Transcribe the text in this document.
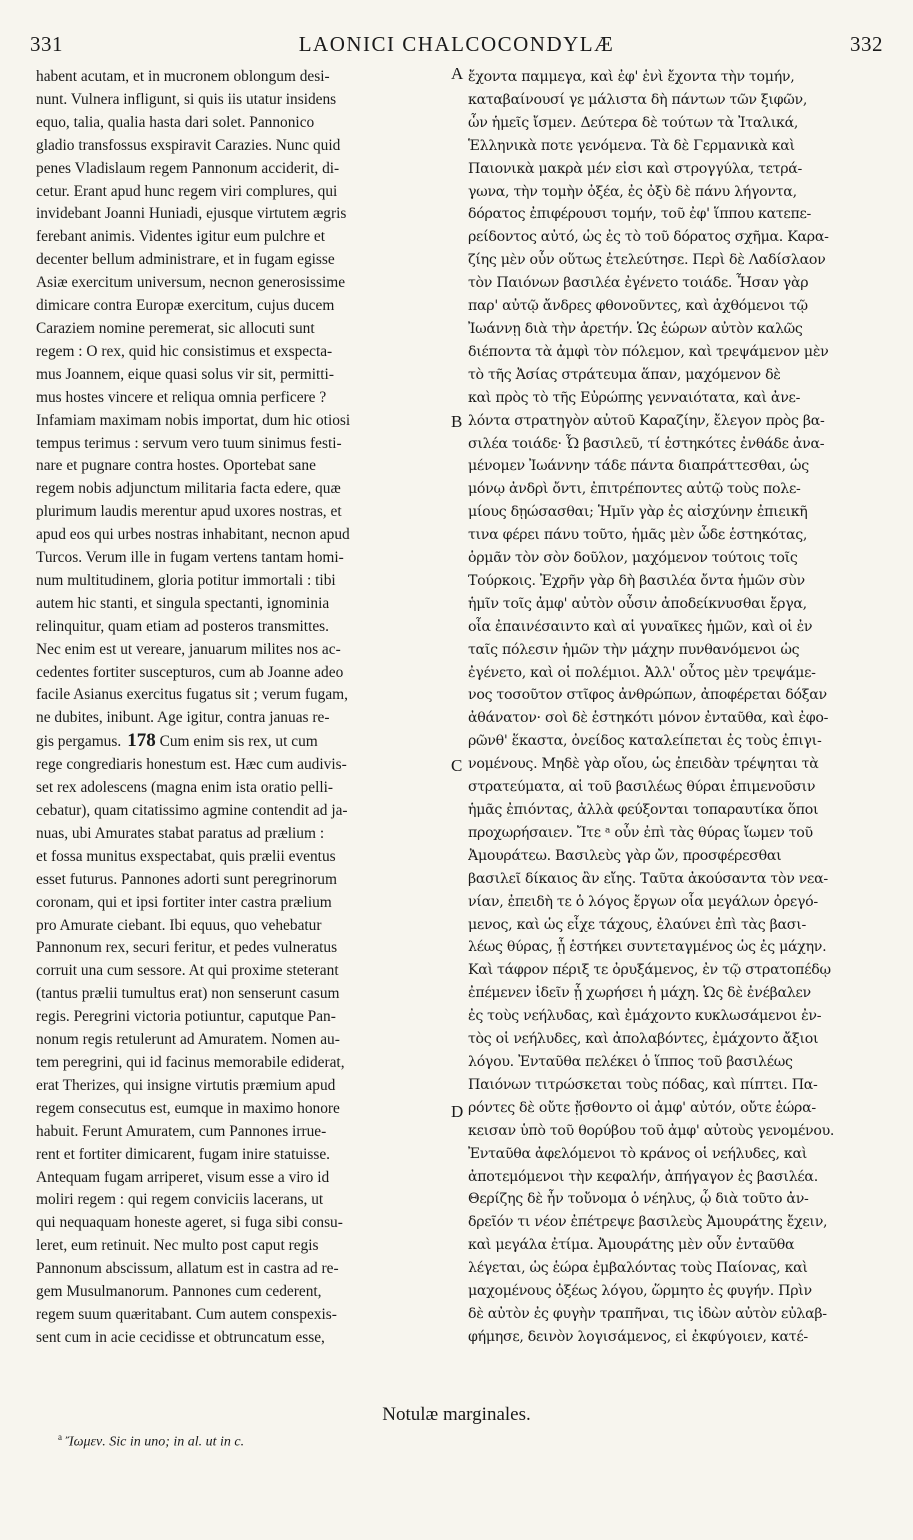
331	LAONICI CHALCOCONDYLÆ	332
habent acutam, et in mucronem oblongum desi-
nunt. Vulnera infligunt, si quis iis utatur insidens
equo, talia, qualia hasta dari solet. Pannonico
gladio transfossus exspiravit Carazies. Nunc quid
penes Vladislaum regem Pannonum acciderit, di-
cetur. Erant apud hunc regem viri complures, qui
invidebant Joanni Huniadi, ejusque virtutem ægris
ferebant animis. Videntes igitur eum pulchre et
decenter bellum administrare, et in fugam egisse
Asiæ exercitum universum, necnon generosissime
dimicare contra Europæ exercitum, cujus ducem
Caraziem nomine peremerat, sic allocuti sunt
regem : O rex, quid hic consistimus et exspecta-
mus Joannem, eique quasi solus vir sit, permitti-
mus hostes vincere et reliqua omnia perficere ?
Infamiam maximam nobis importat, dum hic otiosi
tempus terimus : servum vero tuum sinimus festi-
nare et pugnare contra hostes. Oportebat sane
regem nobis adjunctum militaria facta edere, quæ
plurimum laudis merentur apud uxores nostras, et
apud eos qui urbes nostras inhabitant, necnon apud
Turcos. Verum ille in fugam vertens tantam homi-
num multitudinem, gloria potitur immortali : tibi
autem hic stanti, et singula spectanti, ignominia
relinquitur, quam etiam ad posteros transmittes.
Nec enim est ut vereare, januarum milites nos ac-
cedentes fortiter suscepturos, cum ab Joanne adeo
facile Asianus exercitus fugatus sit ; verum fugam,
ne dubites, inibunt. Age igitur, contra januas re-
gis pergamus. 178 Cum enim sis rex, ut cum
rege congrediaris honestum est. Hæc cum audivis-
set rex adolescens (magna enim ista oratio pelli-
cebatur), quam citatissimo agmine contendit ad ja-
nuas, ubi Amurates stabat paratus ad prælium :
et fossa munitus exspectabat, quis prælii eventus
esset futurus. Pannones adorti sunt peregrinorum
coronam, qui et ipsi fortiter inter castra prælium
pro Amurate ciebant. Ibi equus, quo vehebatur
Pannonum rex, securi feritur, et pedes vulneratus
corruit una cum sessore. At qui proxime steterant
(tantus prælii tumultus erat) non senserunt casum
regis. Peregrini victoria potiuntur, caputque Pan-
nonum regis retulerunt ad Amuratem. Nomen au-
tem peregrini, qui id facinus memorabile ediderat,
erat Therizes, qui insigne virtutis præmium apud
regem consecutus est, eumque in maximo honore
habuit. Ferunt Amuratem, cum Pannones irrue-
rent et fortiter dimicarent, fugam inire statuisse.
Antequam fugam arriperet, visum esse a viro id
moliri regem : qui regem conviciis lacerans, ut
qui nequaquam honeste ageret, si fuga sibi consu-
leret, eum retinuit. Nec multo post caput regis
Pannonum abscissum, allatum est in castra ad re-
gem Musulmanorum. Pannones cum cederent,
regem suum quæritabant. Cum autem conspexis-
sent cum in acie cecidisse et obtruncatum esse,
ἔχοντα παμμεγα, καὶ ἐφ' ἑνὶ ἔχοντα τὴν τομήν,
καταβαίνουσί γε μάλιστα δὴ πάντων τῶν ξιφῶν,
ὧν ἡμεῖς ἴσμεν. Δεύτερα δὲ τούτων τὰ Ἰταλικά,
Ἑλληνικὰ ποτε γενόμενα. Τὰ δὲ Γερμανικὰ καὶ
Παιονικὰ μακρὰ μέν εἰσι καὶ στρογγύλα, τετρά-
γωνα, τὴν τομὴν ὀξέα, ἐς ὀξὺ δὲ πάνυ λήγοντα,
δόρατος ἐπιφέρουσι τομήν, τοῦ ἐφ' ἵππου κατεπε-
ρείδοντος αὐτό, ὡς ἐς τὸ τοῦ δόρατος σχῆμα. Καρα-
ζίης μὲν οὖν οὕτως ἐτελεύτησε. Περὶ δὲ Λαδίσλαον
τὸν Παιόνων βασιλέα ἐγένετο τοιάδε. Ἦσαν γὰρ
παρ' αὐτῷ ἄνδρες φθονοῦντες, καὶ ἀχθόμενοι τῷ
Ἰωάννῃ διὰ τὴν ἀρετήν. Ὡς ἑώρων αὐτὸν καλῶς
διέποντα τὰ ἀμφὶ τὸν πόλεμον, καὶ τρεψάμενον μὲν
τὸ τῆς Ἀσίας στράτευμα ἅπαν, μαχόμενον δὲ
καὶ πρὸς τὸ τῆς Εὐρώπης γενναιότατα, καὶ ἀνε-
λόντα στρατηγὸν αὐτοῦ Καραζίην, ἔλεγον πρὸς βα-
σιλέα τοιάδε· Ὦ βασιλεῦ, τί ἑστηκότες ἐνθάδε ἀνα-
μένομεν Ἰωάννην τάδε πάντα διαπράττεσθαι, ὡς
μόνῳ ἀνδρὶ ὄντι, ἐπιτρέποντες αὐτῷ τοὺς πολε-
μίους δῃώσασθαι; Ἡμῖν γὰρ ἐς αἰσχύνην ἐπιεικῆ
τινα φέρει πάνυ τοῦτο, ἡμᾶς μὲν ὧδε ἑστηκότας,
ὁρμᾶν τὸν σὸν δοῦλον, μαχόμενον τούτοις τοῖς
Τούρκοις. Ἐχρῆν γὰρ δὴ βασιλέα ὄντα ἡμῶν σὺν
ἡμῖν τοῖς ἀμφ' αὐτὸν οὖσιν ἀποδείκνυσθαι ἔργα,
οἷα ἐπαινέσαιντο καὶ αἱ γυναῖκες ἡμῶν, καὶ οἱ ἐν
ταῖς πόλεσιν ἡμῶν τὴν μάχην πυνθανόμενοι ὡς
ἐγένετο, καὶ οἱ πολέμιοι. Ἀλλ' οὗτος μὲν τρεψάμε-
νος τοσοῦτον στῖφος ἀνθρώπων, ἀποφέρεται δόξαν
ἀθάνατον· σοὶ δὲ ἑστηκότι μόνον ἐνταῦθα, καὶ ἐφο-
ρῶνθ' ἕκαστα, ὀνείδος καταλείπεται ἐς τοὺς ἐπιγι-
νομένους. Μηδὲ γὰρ οἴου, ὡς ἐπειδὰν τρέψηται τὰ
στρατεύματα, αἱ τοῦ βασιλέως θύραι ἐπιμενοῦσιν
ἡμᾶς ἐπιόντας, ἀλλὰ φεύξονται τοπαραυτίκα ὅποι
προχωρήσαιεν. Ἴτε ᵃ οὖν ἐπὶ τὰς θύρας ἴωμεν τοῦ
Ἀμουράτεω. Βασιλεὺς γὰρ ὤν, προσφέρεσθαι
βασιλεῖ δίκαιος ἂν εἴης. Ταῦτα ἀκούσαντα τὸν νεα-
νίαν, ἐπειδὴ τε ὁ λόγος ἔργων οἷα μεγάλων ὀρεγό-
μενος, καὶ ὡς εἶχε τάχους, ἐλαύνει ἐπὶ τὰς βασι-
λέως θύρας, ᾗ ἑστήκει συντεταγμένος ὡς ἐς μάχην.
Καὶ τάφρον πέριξ τε ὀρυξάμενος, ἐν τῷ στρατοπέδῳ
ἐπέμενεν ἰδεῖν ᾗ χωρήσει ἡ μάχη. Ὡς δὲ ἐνέβαλεν
ἐς τοὺς νεήλυδας, καὶ ἐμάχοντο κυκλωσάμενοι ἐν-
τὸς οἱ νεήλυδες, καὶ ἀπολαβόντες, ἐμάχοντο ἄξιοι
λόγου. Ἐνταῦθα πελέκει ὁ ἵππος τοῦ βασιλέως
Παιόνων τιτρώσκεται τοὺς πόδας, καὶ πίπτει. Πα-
ρόντες δὲ οὔτε ᾔσθοντο οἱ ἀμφ' αὐτόν, οὔτε ἑώρα-
κεισαν ὑπὸ τοῦ θορύβου τοῦ ἀμφ' αὐτοὺς γενομένου.
Ἐνταῦθα ἀφελόμενοι τὸ κράνος οἱ νεήλυδες, καὶ
ἀποτεμόμενοι τὴν κεφαλήν, ἀπήγαγον ἐς βασιλέα.
Θερίζης δὲ ἦν τοὔνομα ὁ νέηλυς, ᾧ διὰ τοῦτο ἀν-
δρεῖόν τι νέον ἐπέτρεψε βασιλεὺς Ἀμουράτης ἔχειν,
καὶ μεγάλα ἐτίμα. Ἀμουράτης μὲν οὖν ἐνταῦθα
λέγεται, ὡς ἑώρα ἐμβαλόντας τοὺς Παίονας, καὶ
μαχομένους ὀξέως λόγου, ὥρμητο ἐς φυγήν. Πρὶν
δὲ αὐτὸν ἐς φυγὴν τραπῆναι, τις ἰδὼν αὐτὸν εὐλαβ-
φήμησε, δεινὸν λογισάμενος, εἰ ἐκφύγοιεν, κατέ-
A
B
C
D
Notulæ marginales.
$^a$ Ἴωμεν. Sic in uno; in al. ut in c.
